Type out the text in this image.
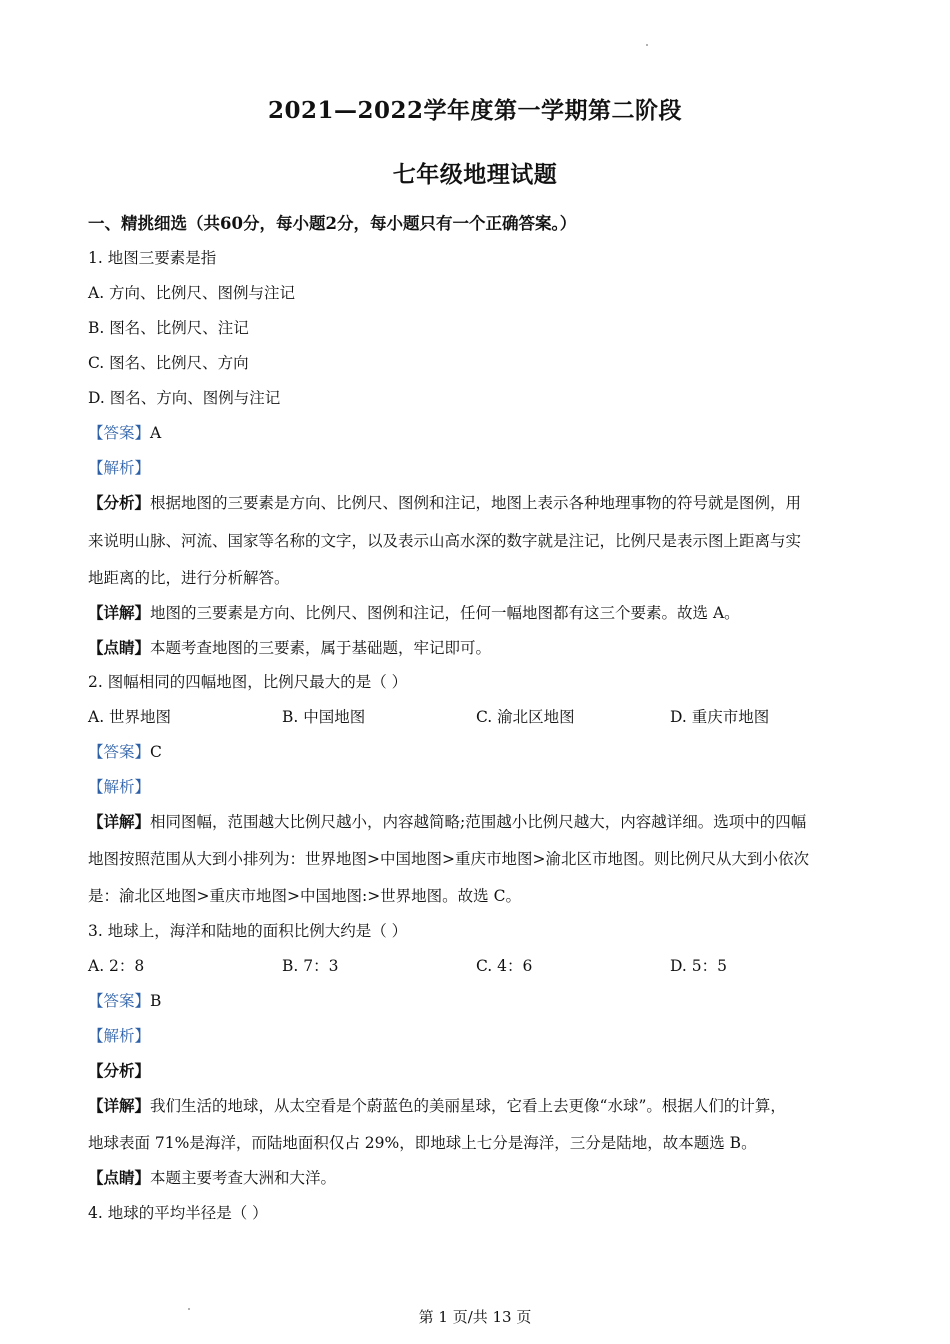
2021—2022学年度第一学期第二阶段
七年级地理试题
一、精挑细选（共60分，每小题2分，每小题只有一个正确答案。）
1. 地图三要素是指
A. 方向、比例尺、图例与注记
B. 图名、比例尺、注记
C. 图名、比例尺、方向
D. 图名、方向、图例与注记
【答案】A
【解析】
【分析】根据地图的三要素是方向、比例尺、图例和注记，地图上表示各种地理事物的符号就是图例，用
来说明山脉、河流、国家等名称的文字，以及表示山高水深的数字就是注记，比例尺是表示图上距离与实
地距离的比，进行分析解答。
【详解】地图的三要素是方向、比例尺、图例和注记，任何一幅地图都有这三个要素。故选 A。
【点睛】本题考查地图的三要素，属于基础题，牢记即可。
2. 图幅相同的四幅地图，比例尺最大的是（ ）
A. 世界地图	B. 中国地图	C. 渝北区地图	D. 重庆市地图
【答案】C
【解析】
【详解】相同图幅，范围越大比例尺越小，内容越简略;范围越小比例尺越大，内容越详细。选项中的四幅
地图按照范围从大到小排列为：世界地图>中国地图>重庆市地图>渝北区市地图。则比例尺从大到小依次
是：渝北区地图>重庆市地图>中国地图:>世界地图。故选 C。
3. 地球上，海洋和陆地的面积比例大约是（ ）
A. 2：8	B. 7：3	C. 4：6	D. 5：5
【答案】B
【解析】
【分析】
【详解】我们生活的地球，从太空看是个蔚蓝色的美丽星球，它看上去更像“水球”。根据人们的计算，
地球表面 71%是海洋，而陆地面积仅占 29%，即地球上七分是海洋，三分是陆地，故本题选 B。
【点睛】本题主要考查大洲和大洋。
4. 地球的平均半径是（ ）
第 1 页/共 13 页
